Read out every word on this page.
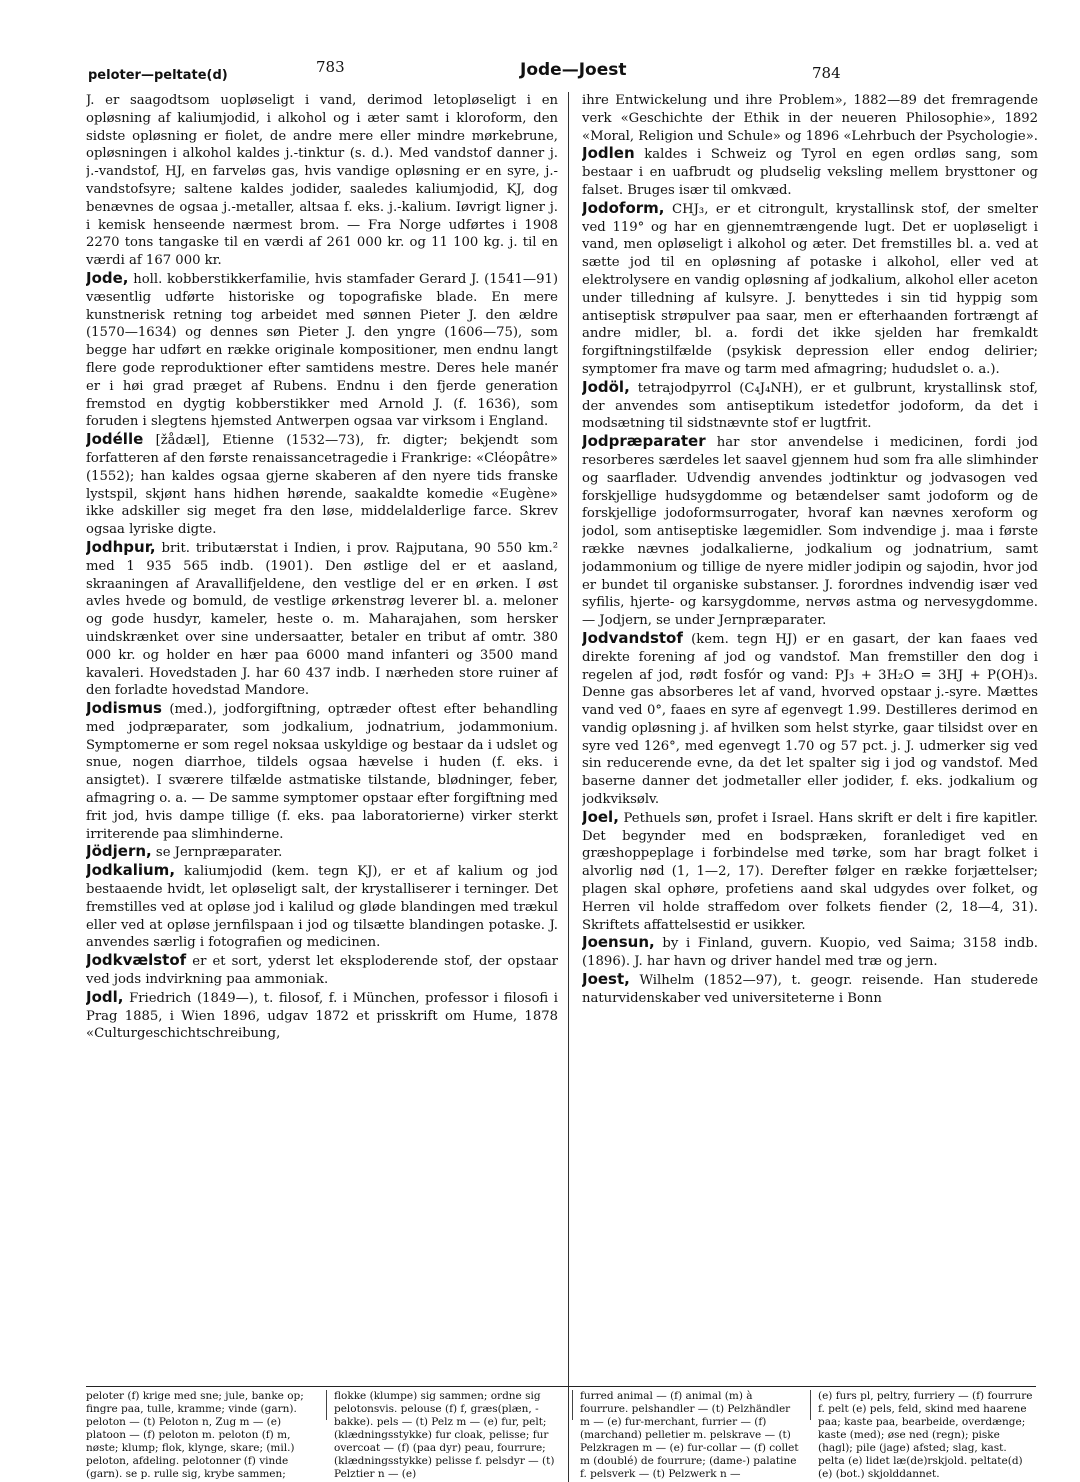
peloter—peltate(d)	783	Jode—Joest	784

J. er saagodtsom uopløseligt i vand, derimod letopløseligt i en opløsning af kaliumjodid, i alkohol og i æter samt i kloroform, den sidste opløsning er fiolet, de andre mere eller mindre mørkebrune, opløsningen i alkohol kaldes j.-tinktur (s. d.). Med vandstof danner j. j.-vandstof, HJ, en farveløs gas, hvis vandige opløsning er en syre, j.-vandstofsyre; saltene kaldes jodider, saaledes kaliumjodid, KJ, dog benævnes de ogsaa j.-metaller, altsaa f. eks. j.-kalium. Iøvrigt ligner j. i kemisk henseende nærmest brom. — Fra Norge udførtes i 1908 2270 tons tangaske til en værdi af 261 000 kr. og 11 100 kg. j. til en værdi af 167 000 kr.

Jode, holl. kobberstikkerfamilie, hvis stamfader Gerard J. (1541—91) væsentlig udførte historiske og topografiske blade. En mere kunstnerisk retning tog arbeidet med sønnen Pieter J. den ældre (1570—1634) og dennes søn Pieter J. den yngre (1606—75), som begge har udført en række originale kompositioner, men endnu langt flere gode reproduktioner efter samtidens mestre. Deres hele manér er i høi grad præget af Rubens. Endnu i den fjerde generation fremstod en dygtig kobberstikker med Arnold J. (f. 1636), som foruden i slegtens hjemsted Antwerpen ogsaa var virksom i England.

Jodélle [žådæl], Etienne (1532—73), fr. digter; bekjendt som forfatteren af den første renaissancetragedie i Frankrige: «Cléopâtre» (1552); han kaldes ogsaa gjerne skaberen af den nyere tids franske lystspil, skjønt hans hidhen hørende, saakaldte komedie «Eugène» ikke adskiller sig meget fra den løse, middelalderlige farce. Skrev ogsaa lyriske digte.

Jodhpur, brit. tributærstat i Indien, i prov. Rajputana, 90 550 km.² med 1 935 565 indb. (1901). Den østlige del er et aasland, skraaningen af Aravallifjeldene, den vestlige del er en ørken. I øst avles hvede og bomuld, de vestlige ørkenstrøg leverer bl. a. meloner og gode husdyr, kameler, heste o. m. Maharajahen, som hersker uindskrænket over sine undersaatter, betaler en tribut af omtr. 380 000 kr. og holder en hær paa 6000 mand infanteri og 3500 mand kavaleri. Hovedstaden J. har 60 437 indb. I nærheden store ruiner af den forladte hovedstad Mandore.

Jodismus (med.), jodforgiftning, optræder oftest efter behandling med jodpræparater, som jodkalium, jodnatrium, jodammonium. Symptomerne er som regel noksaa uskyldige og bestaar da i udslet og snue, nogen diarrhoe, tildels ogsaa hævelse i huden (f. eks. i ansigtet). I sværere tilfælde astmatiske tilstande, blødninger, feber, afmagring o. a. — De samme symptomer opstaar efter forgiftning med frit jod, hvis dampe tillige (f. eks. paa laboratorierne) virker sterkt irriterende paa slimhinderne.

Jödjern, se Jernpræparater.

Jodkalium, kaliumjodid (kem. tegn KJ), er et af kalium og jod bestaaende hvidt, let opløseligt salt, der krystalliserer i terninger. Det fremstilles ved at opløse jod i kalilud og gløde blandingen med trækul eller ved at opløse jernfilspaan i jod og tilsætte blandingen potaske. J. anvendes særlig i fotografien og medicinen.

Jodkvælstof er et sort, yderst let eksploderende stof, der opstaar ved jods indvirkning paa ammoniak.

Jodl, Friedrich (1849—), t. filosof, f. i München, professor i filosofi i Prag 1885, i Wien 1896, udgav 1872 et prisskrift om Hume, 1878 «Culturgeschichtschreibung,

ihre Entwickelung und ihre Problem», 1882—89 det fremragende verk «Geschichte der Ethik in der neueren Philosophie», 1892 «Moral, Religion und Schule» og 1896 «Lehrbuch der Psychologie».

Jodlen kaldes i Schweiz og Tyrol en egen ordløs sang, som bestaar i en uafbrudt og pludselig veksling mellem brysttoner og falset. Bruges især til omkvæd.

Jodoform, CHJ₃, er et citrongult, krystallinsk stof, der smelter ved 119° og har en gjennemtrængende lugt. Det er uopløseligt i vand, men opløseligt i alkohol og æter. Det fremstilles bl. a. ved at sætte jod til en opløsning af potaske i alkohol, eller ved at elektrolysere en vandig opløsning af jodkalium, alkohol eller aceton under tilledning af kulsyre. J. benyttedes i sin tid hyppig som antiseptisk strøpulver paa saar, men er efterhaanden fortrængt af andre midler, bl. a. fordi det ikke sjelden har fremkaldt forgiftningstilfælde (psykisk depression eller endog delirier; symptomer fra mave og tarm med afmagring; hududslet o. a.).

Jodöl, tetrajodpyrrol (C₄J₄NH), er et gulbrunt, krystallinsk stof, der anvendes som antiseptikum istedetfor jodoform, da det i modsætning til sidstnævnte stof er lugtfrit.

Jodpræparater har stor anvendelse i medicinen, fordi jod resorberes særdeles let saavel gjennem hud som fra alle slimhinder og saarflader. Udvendig anvendes jodtinktur og jodvasogen ved forskjellige hudsygdomme og betændelser samt jodoform og de forskjellige jodoformsurrogater, hvoraf kan nævnes xeroform og jodol, som antiseptiske lægemidler. Som indvendige j. maa i første række nævnes jodalkalierne, jodkalium og jodnatrium, samt jodammonium og tillige de nyere midler jodipin og sajodin, hvor jod er bundet til organiske substanser. J. forordnes indvendig især ved syfilis, hjerte- og karsygdomme, nervøs astma og nervesygdomme. — Jodjern, se under Jernpræparater.

Jodvandstof (kem. tegn HJ) er en gasart, der kan faaes ved direkte forening af jod og vandstof. Man fremstiller den dog i regelen af jod, rødt fosfór og vand: PJ₃ + 3H₂O = 3HJ + P(OH)₃. Denne gas absorberes let af vand, hvorved opstaar j.-syre. Mættes vand ved 0°, faaes en syre af egenvegt 1.99. Destilleres derimod en vandig opløsning j. af hvilken som helst styrke, gaar tilsidst over en syre ved 126°, med egenvegt 1.70 og 57 pct. j. J. udmerker sig ved sin reducerende evne, da det let spalter sig i jod og vandstof. Med baserne danner det jodmetaller eller jodider, f. eks. jodkalium og jodkviksølv.

Joel, Pethuels søn, profet i Israel. Hans skrift er delt i fire kapitler. Det begynder med en bodspræken, foranlediget ved en græshoppeplage i forbindelse med tørke, som har bragt folket i alvorlig nød (1, 1—2, 17). Derefter følger en række forjættelser; plagen skal ophøre, profetiens aand skal udgydes over folket, og Herren vil holde straffedom over folkets fiender (2, 18—4, 31). Skriftets affattelsestid er usikker.

Joensun, by i Finland, guvern. Kuopio, ved Saima; 3158 indb. (1896). J. har havn og driver handel med træ og jern.

Joest, Wilhelm (1852—97), t. geogr. reisende. Han studerede naturvidenskaber ved universiteterne i Bonn

peloter (f) krige med sne; jule, banke op; fingre paa, tulle, kramme; vinde (garn). peloton — (t) Peloton n, Zug m — (e) platoon — (f) peloton m. peloton (f) m, nøste; klump; flok, klynge, skare; (mil.) peloton, afdeling. pelotonner (f) vinde (garn). se p. rulle sig, krybe sammen;

flokke (klumpe) sig sammen; ordne sig pelotonsvis. pelouse (f) f, græs(plæn, -bakke). pels — (t) Pelz m — (e) fur, pelt; (klædningsstykke) fur cloak, pelisse; fur overcoat — (f) (paa dyr) peau, fourrure; (klædningsstykke) pelisse f. pelsdyr — (t) Pelztier n — (e)

furred animal — (f) animal (m) à fourrure. pelshandler — (t) Pelzhändler m — (e) fur-merchant, furrier — (f) (marchand) pelletier m. pelskrave — (t) Pelzkragen m — (e) fur-collar — (f) collet m (doublé) de fourrure; (dame-) palatine f. pelsverk — (t) Pelzwerk n —

(e) furs pl, peltry, furriery — (f) fourrure f. pelt (e) pels, feld, skind med haarene paa; kaste paa, bearbeide, overdænge; kaste (med); øse ned (regn); piske (hagl); pile (jage) afsted; slag, kast. pelta (e) lidet læ(de)rskjold. peltate(d) (e) (bot.) skjolddannet.
